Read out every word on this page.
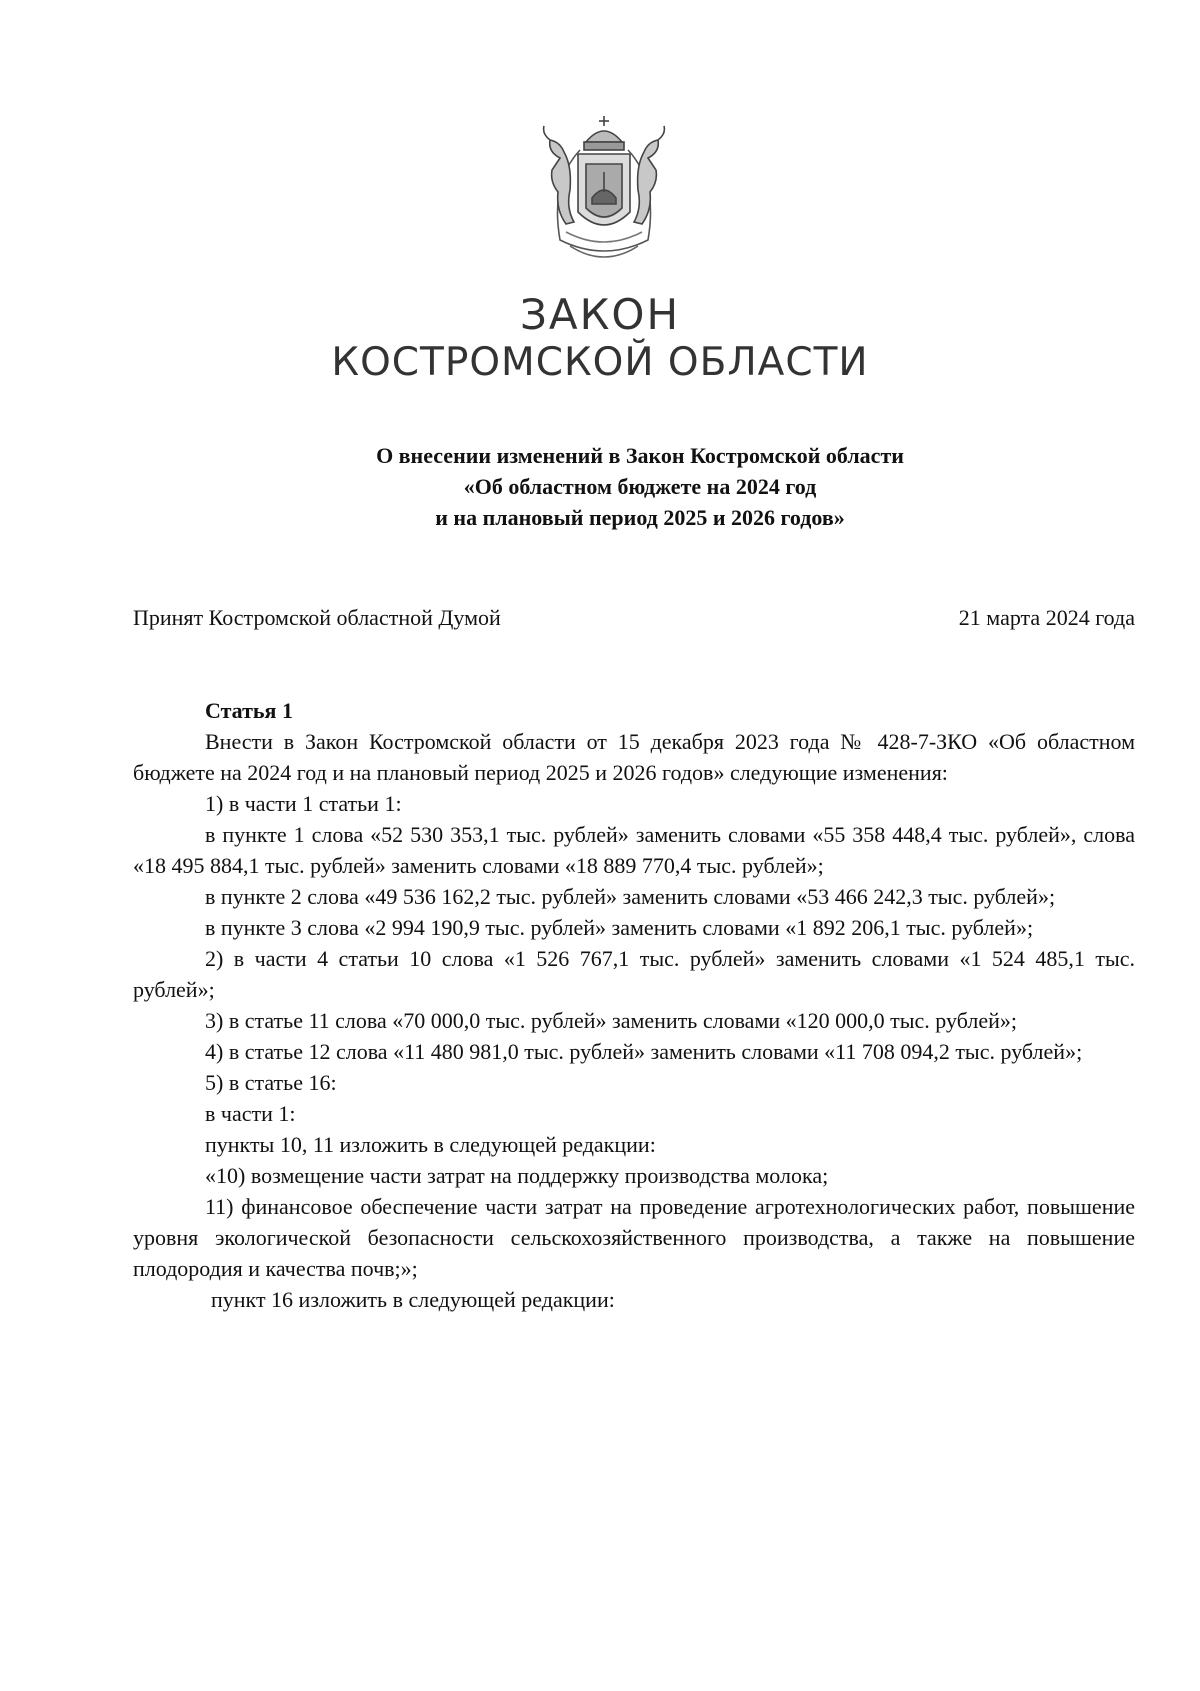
ЗАКОН
КОСТРОМСКОЙ ОБЛАСТИ
О внесении изменений в Закон Костромской области
«Об областном бюджете на 2024 год
и на плановый период 2025 и 2026 годов»
Принят Костромской областной Думой	21 марта 2024 года

Статья 1

Внести в Закон Костромской области от 15 декабря 2023 года № 428-7-ЗКО «Об областном бюджете на 2024 год и на плановый период 2025 и 2026 годов» следующие изменения:

1) в части 1 статьи 1:

в пункте 1 слова «52 530 353,1 тыс. рублей» заменить словами «55 358 448,4 тыс. рублей», слова «18 495 884,1 тыс. рублей» заменить словами «18 889 770,4 тыс. рублей»;

в пункте 2 слова «49 536 162,2 тыс. рублей» заменить словами «53 466 242,3 тыс. рублей»;

в пункте 3 слова «2 994 190,9 тыс. рублей» заменить словами «1 892 206,1 тыс. рублей»;

2) в части 4 статьи 10 слова «1 526 767,1 тыс. рублей» заменить словами «1 524 485,1 тыс. рублей»;

3) в статье 11 слова «70 000,0 тыс. рублей» заменить словами «120 000,0 тыс. рублей»;

4) в статье 12 слова «11 480 981,0 тыс. рублей» заменить словами «11 708 094,2 тыс. рублей»;

5) в статье 16:

в части 1:

пункты 10, 11 изложить в следующей редакции:

«10) возмещение части затрат на поддержку производства молока;

11) финансовое обеспечение части затрат на проведение агротехнологических работ, повышение уровня экологической безопасности сельскохозяйственного производства, а также на повышение плодородия и качества почв;»;

пункт 16 изложить в следующей редакции:
